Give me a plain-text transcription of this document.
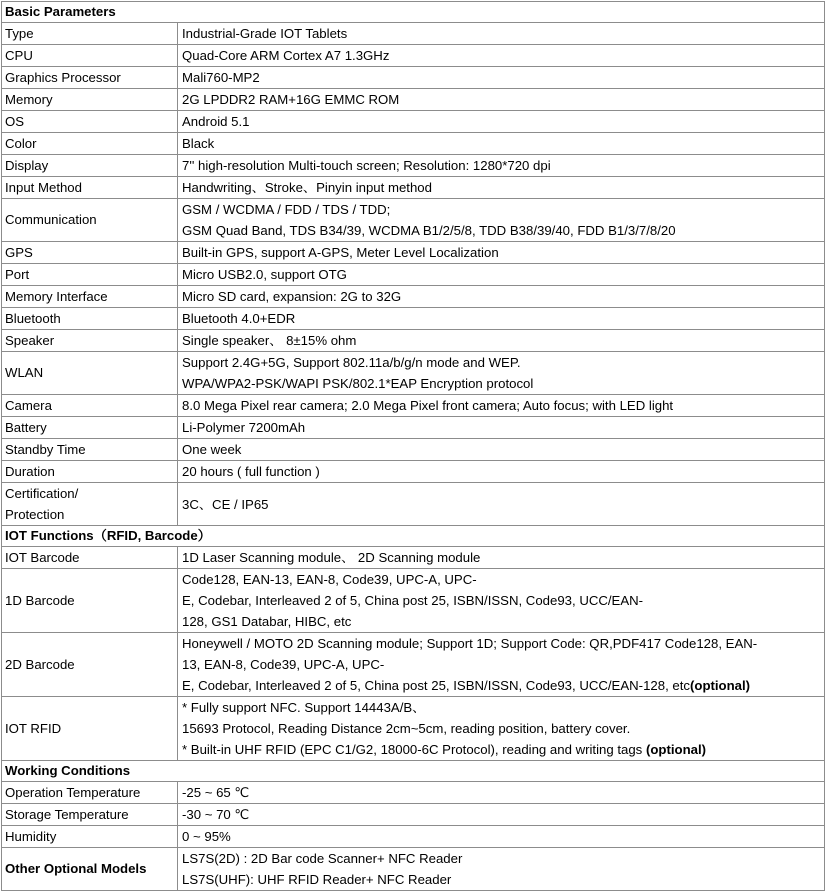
Basic Parameters	
Type	Industrial-Grade IOT Tablets

CPU	Quad-Core ARM Cortex A7 1.3GHz

Graphics Processor	Mali760-MP2

Memory	2G LPDDR2 RAM+16G EMMC ROM

OS	Android 5.1

Color	Black

Display	7'' high-resolution Multi-touch screen; Resolution: 1280*720 dpi

Input Method	Handwriting、Stroke、Pinyin input method

Communication	GSM / WCDMA / FDD / TDS / TDD;
GSM Quad Band, TDS B34/39, WCDMA B1/2/5/8, TDD B38/39/40, FDD B1/3/7/8/20

GPS	Built-in GPS, support A-GPS, Meter Level Localization

Port	Micro USB2.0, support OTG

Memory Interface	Micro SD card, expansion: 2G to 32G

Bluetooth	Bluetooth 4.0+EDR

Speaker	Single speaker、 8±15% ohm

WLAN	Support 2.4G+5G, Support 802.11a/b/g/n mode and WEP.
WPA/WPA2-PSK/WAPI PSK/802.1*EAP Encryption protocol

Camera	8.0 Mega Pixel rear camera; 2.0 Mega Pixel front camera; Auto focus; with LED light

Battery	Li-Polymer 7200mAh

Standby Time	One week

Duration	20 hours ( full function )

Certification/
Protection	3C、CE / IP65

IOT Functions（RFID, Barcode）	
IOT Barcode	1D Laser Scanning module、 2D Scanning module

1D Barcode	Code128, EAN-13, EAN-8, Code39, UPC-A, UPC-
E, Codebar, Interleaved 2 of 5, China post 25, ISBN/ISSN, Code93, UCC/EAN-
128, GS1 Databar, HIBC, etc

2D Barcode	Honeywell / MOTO 2D Scanning module; Support 1D; Support Code: QR,PDF417 Code128, EAN-
13, EAN-8, Code39, UPC-A, UPC-
E, Codebar, Interleaved 2 of 5, China post 25, ISBN/ISSN, Code93, UCC/EAN-128, etc(optional)

IOT RFID	* Fully support NFC. Support 14443A/B、
15693 Protocol, Reading Distance 2cm~5cm, reading position, battery cover.
* Built-in UHF RFID (EPC C1/G2, 18000-6C Protocol), reading and writing tags (optional)

Working Conditions	
Operation Temperature	-25 ~ 65 ℃

Storage Temperature	-30 ~ 70 ℃

Humidity	0 ~ 95%

Other Optional Models	LS7S(2D) : 2D Bar code Scanner+ NFC Reader
LS7S(UHF): UHF RFID Reader+ NFC Reader
